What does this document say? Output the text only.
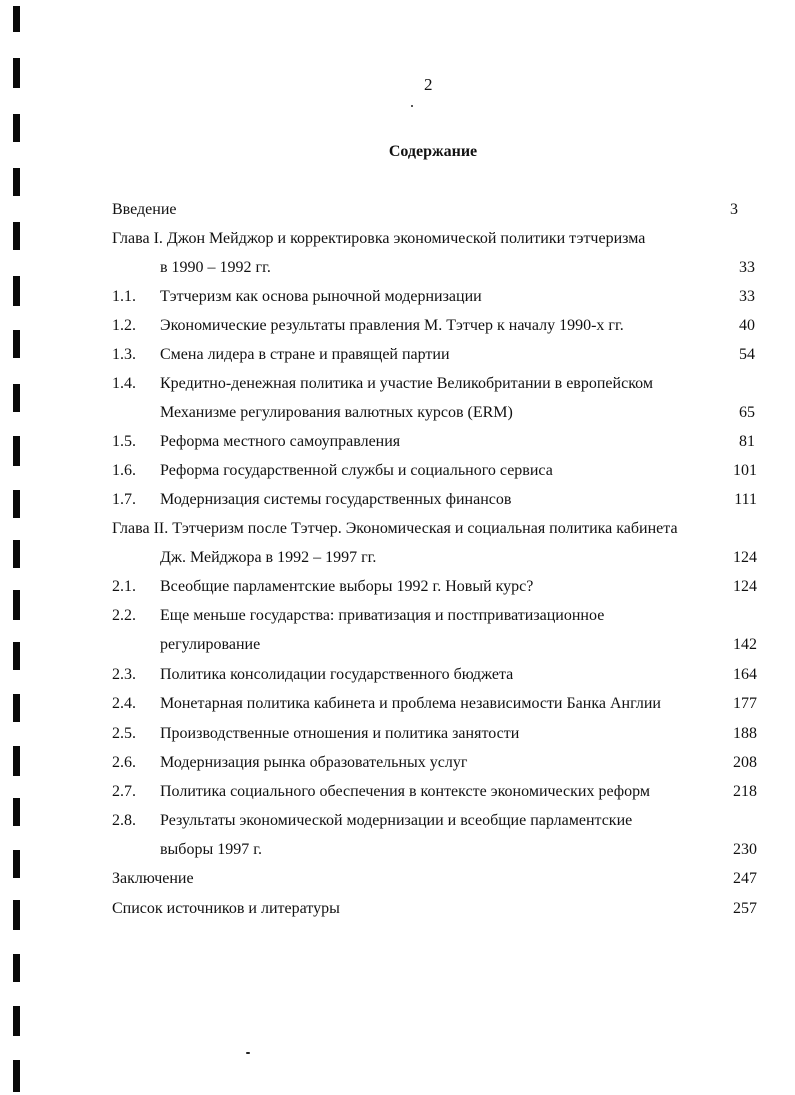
2
Содержание
Введение	3
Глава I. Джон Мейджор и корректировка экономической политики тэтчеризма
в 1990 – 1992 гг.	33
1.1. Тэтчеризм как основа рыночной модернизации	33
1.2. Экономические результаты правления М. Тэтчер к началу 1990-х гг.	40
1.3. Смена лидера в стране и правящей партии	54
1.4. Кредитно-денежная политика и участие Великобритании в европейском
Механизме регулирования валютных курсов (ERM)	65
1.5. Реформа местного самоуправления	81
1.6. Реформа государственной службы и социального сервиса	101
1.7. Модернизация системы государственных финансов	111
Глава II. Тэтчеризм после Тэтчер. Экономическая и социальная политика кабинета
Дж. Мейджора в 1992 – 1997 гг.	124
2.1. Всеобщие парламентские выборы 1992 г. Новый курс?	124
2.2. Еще меньше государства: приватизация и постприватизационное
регулирование	142
2.3. Политика консолидации государственного бюджета	164
2.4. Монетарная политика кабинета и проблема независимости Банка Англии	177
2.5. Производственные отношения и политика занятости	188
2.6. Модернизация рынка образовательных услуг	208
2.7. Политика социального обеспечения в контексте экономических реформ	218
2.8. Результаты экономической модернизации и всеобщие парламентские
выборы 1997 г.	230
Заключение	247
Список источников и литературы	257
